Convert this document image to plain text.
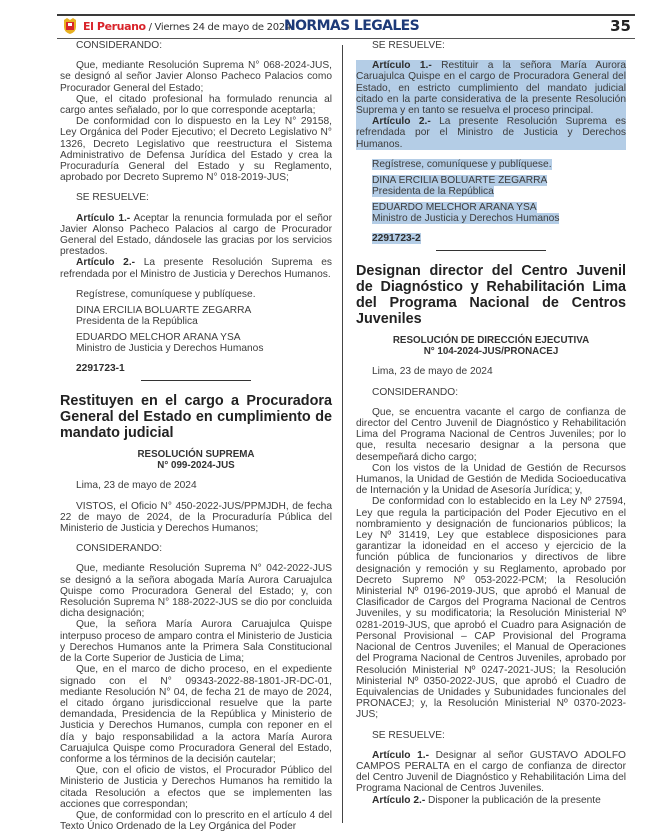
El Peruano / Viernes 24 de mayo de 2024
NORMAS LEGALES	35

CONSIDERANDO:

Que, mediante Resolución Suprema N° 068-2024-JUS, se designó al señor Javier Alonso Pacheco Palacios como Procurador General del Estado;

Que, el citado profesional ha formulado renuncia al cargo antes señalado, por lo que corresponde aceptarla;

De conformidad con lo dispuesto en la Ley N° 29158, Ley Orgánica del Poder Ejecutivo; el Decreto Legislativo N° 1326, Decreto Legislativo que reestructura el Sistema Administrativo de Defensa Jurídica del Estado y crea la Procuraduría General del Estado y su Reglamento, aprobado por Decreto Supremo N° 018-2019-JUS;

SE RESUELVE:

Artículo 1.- Aceptar la renuncia formulada por el señor Javier Alonso Pacheco Palacios al cargo de Procurador General del Estado, dándosele las gracias por los servicios prestados.

Artículo 2.- La presente Resolución Suprema es refrendada por el Ministro de Justicia y Derechos Humanos.

Regístrese, comuníquese y publíquese.

DINA ERCILIA BOLUARTE ZEGARRA

Presidenta de la República

EDUARDO MELCHOR ARANA YSA

Ministro de Justicia y Derechos Humanos

2291723-1

Restituyen en el cargo a Procuradora General del Estado en cumplimiento de mandato judicial

RESOLUCIÓN SUPREMA

N° 099-2024-JUS

Lima, 23 de mayo de 2024

VISTOS, el Oficio N° 450-2022-JUS/PPMJDH, de fecha 22 de mayo de 2024, de la Procuraduría Pública del Ministerio de Justicia y Derechos Humanos;

CONSIDERANDO:

Que, mediante Resolución Suprema N° 042-2022-JUS se designó a la señora abogada María Aurora Caruajulca Quispe como Procuradora General del Estado; y, con Resolución Suprema N° 188-2022-JUS se dio por concluida dicha designación;

Que, la señora María Aurora Caruajulca Quispe interpuso proceso de amparo contra el Ministerio de Justicia y Derechos Humanos ante la Primera Sala Constitucional de la Corte Superior de Justicia de Lima;

Que, en el marco de dicho proceso, en el expediente signado con el N° 09343-2022-88-1801-JR-DC-01, mediante Resolución N° 04, de fecha 21 de mayo de 2024, el citado órgano jurisdiccional resuelve que la parte demandada, Presidencia de la República y Ministerio de Justicia y Derechos Humanos, cumpla con reponer en el día y bajo responsabilidad a la actora María Aurora Caruajulca Quispe como Procuradora General del Estado, conforme a los términos de la decisión cautelar;

Que, con el oficio de vistos, el Procurador Público del Ministerio de Justicia y Derechos Humanos ha remitido la citada Resolución a efectos que se implementen las acciones que correspondan;

Que, de conformidad con lo prescrito en el artículo 4 del Texto Único Ordenado de la Ley Orgánica del Poder

SE RESUELVE:

Artículo 1.- Restituir a la señora María Aurora Caruajulca Quispe en el cargo de Procuradora General del Estado, en estricto cumplimiento del mandato judicial citado en la parte considerativa de la presente Resolución Suprema y en tanto se resuelva el proceso principal.

Artículo 2.- La presente Resolución Suprema es refrendada por el Ministro de Justicia y Derechos Humanos.

Regístrese, comuníquese y publíquese.

DINA ERCILIA BOLUARTE ZEGARRA

Presidenta de la República

EDUARDO MELCHOR ARANA YSA

Ministro de Justicia y Derechos Humanos

2291723-2

Designan director del Centro Juvenil de Diagnóstico y Rehabilitación Lima del Programa Nacional de Centros Juveniles

RESOLUCIÓN DE DIRECCIÓN EJECUTIVA

N° 104-2024-JUS/PRONACEJ

Lima, 23 de mayo de 2024

CONSIDERANDO:

Que, se encuentra vacante el cargo de confianza de director del Centro Juvenil de Diagnóstico y Rehabilitación Lima del Programa Nacional de Centros Juveniles; por lo que, resulta necesario designar a la persona que desempeñará dicho cargo;

Con los vistos de la Unidad de Gestión de Recursos Humanos, la Unidad de Gestión de Medida Socioeducativa de Internación y la Unidad de Asesoría Jurídica; y,

De conformidad con lo establecido en la Ley Nº 27594, Ley que regula la participación del Poder Ejecutivo en el nombramiento y designación de funcionarios públicos; la Ley Nº 31419, Ley que establece disposiciones para garantizar la idoneidad en el acceso y ejercicio de la función pública de funcionarios y directivos de libre designación y remoción y su Reglamento, aprobado por Decreto Supremo Nº 053-2022-PCM; la Resolución Ministerial Nº 0196-2019-JUS, que aprobó el Manual de Clasificador de Cargos del Programa Nacional de Centros Juveniles, y su modificatoria; la Resolución Ministerial Nº 0281-2019-JUS, que aprobó el Cuadro para Asignación de Personal Provisional – CAP Provisional del Programa Nacional de Centros Juveniles; el Manual de Operaciones del Programa Nacional de Centros Juveniles, aprobado por Resolución Ministerial Nº 0247-2021-JUS; la Resolución Ministerial Nº 0350-2022-JUS, que aprobó el Cuadro de Equivalencias de Unidades y Subunidades funcionales del PRONACEJ; y, la Resolución Ministerial Nº 0370-2023-JUS;

SE RESUELVE:

Artículo 1.- Designar al señor GUSTAVO ADOLFO CAMPOS PERALTA en el cargo de confianza de director del Centro Juvenil de Diagnóstico y Rehabilitación Lima del Programa Nacional de Centros Juveniles.

Artículo 2.- Disponer la publicación de la presente
